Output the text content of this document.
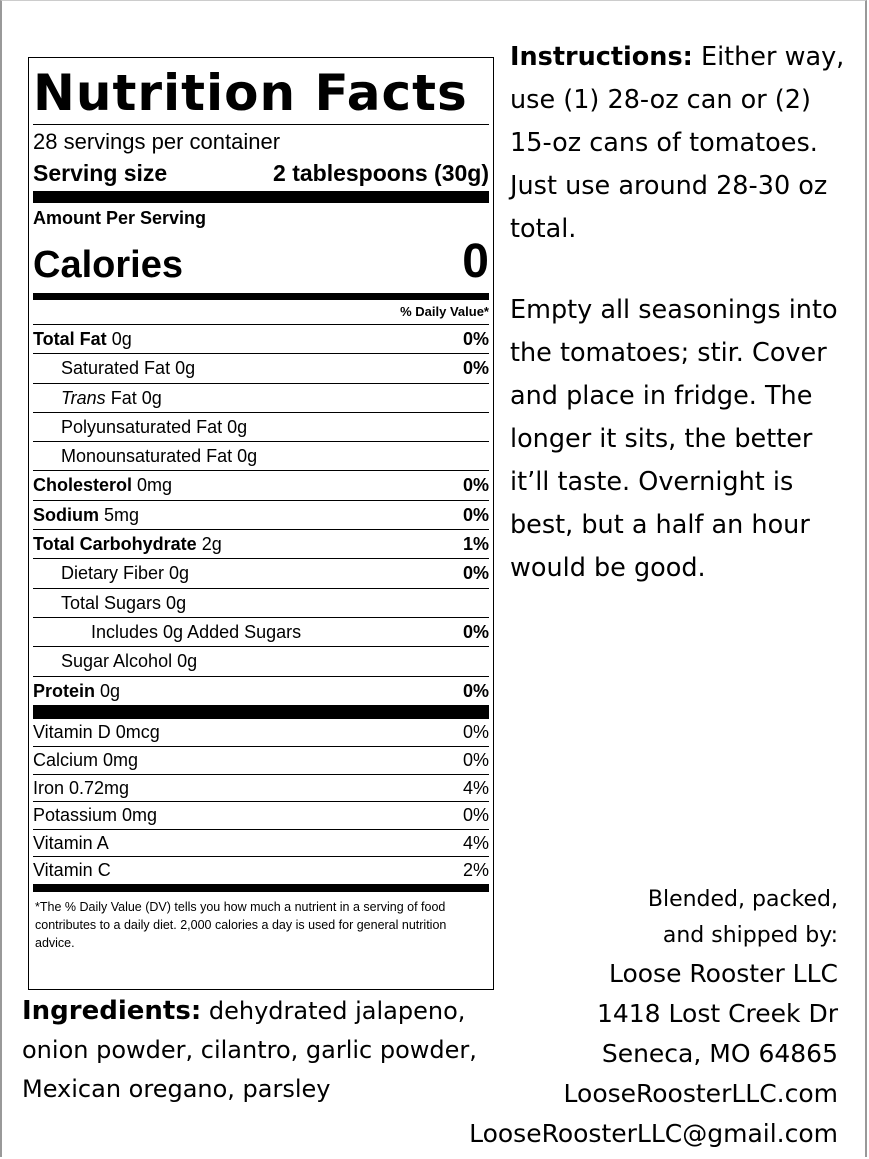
Nutrition Facts
28 servings per container
Serving size	2 tablespoons (30g)
Amount Per Serving
Calories	0
% Daily Value*
Total Fat 0g	0%
Saturated Fat 0g	0%
Trans Fat 0g
Polyunsaturated Fat 0g
Monounsaturated Fat 0g
Cholesterol 0mg	0%
Sodium 5mg	0%
Total Carbohydrate 2g	1%
Dietary Fiber 0g	0%
Total Sugars 0g
Includes 0g Added Sugars	0%
Sugar Alcohol 0g
Protein 0g	0%
Vitamin D 0mcg	0%
Calcium 0mg	0%
Iron 0.72mg	4%
Potassium 0mg	0%
Vitamin A	4%
Vitamin C	2%
*The % Daily Value (DV) tells you how much a nutrient in a serving of food contributes to a daily diet. 2,000 calories a day is used for general nutrition advice.

Instructions: Either way, use (1) 28-oz can or (2) 15-oz cans of tomatoes. Just use around 28-30 oz total.

Empty all seasonings into the tomatoes; stir. Cover and place in fridge. The longer it sits, the better it’ll taste. Overnight is best, but a half an hour would be good.

Blended, packed,
and shipped by:
Loose Rooster LLC
1418 Lost Creek Dr
Seneca, MO 64865
LooseRoosterLLC.com
LooseRoosterLLC@gmail.com
Ingredients: dehydrated jalapeno, onion powder, cilantro, garlic powder, Mexican oregano, parsley
